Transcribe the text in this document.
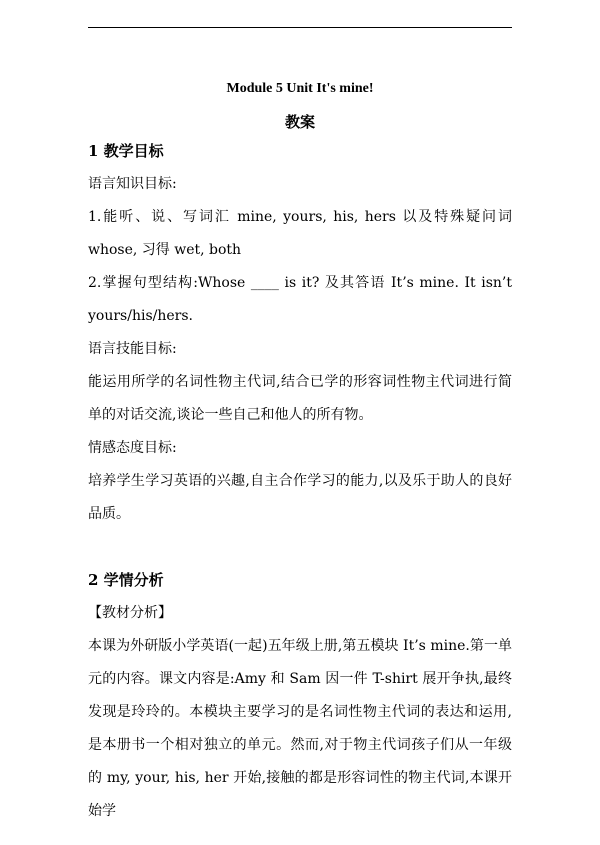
Module 5 Unit It's mine!
教案
1 教学目标
语言知识目标:
1.能听、说、写词汇 mine, yours, his, hers 以及特殊疑问词 whose, 习得 wet, both
2.掌握句型结构:Whose ____ is it? 及其答语 It’s mine. It isn’t yours/his/hers.
语言技能目标:
能运用所学的名词性物主代词,结合已学的形容词性物主代词进行简单的对话交流,谈论一些自己和他人的所有物。
情感态度目标:
培养学生学习英语的兴趣,自主合作学习的能力,以及乐于助人的良好品质。
2 学情分析
【教材分析】
本课为外研版小学英语(一起)五年级上册,第五模块 It’s mine.第一单元的内容。课文内容是:Amy 和 Sam 因一件 T-shirt 展开争执,最终发现是玲玲的。本模块主要学习的是名词性物主代词的表达和运用,是本册书一个相对独立的单元。然而,对于物主代词孩子们从一年级的 my, your, his, her 开始,接触的都是形容词性的物主代词,本课开始学
